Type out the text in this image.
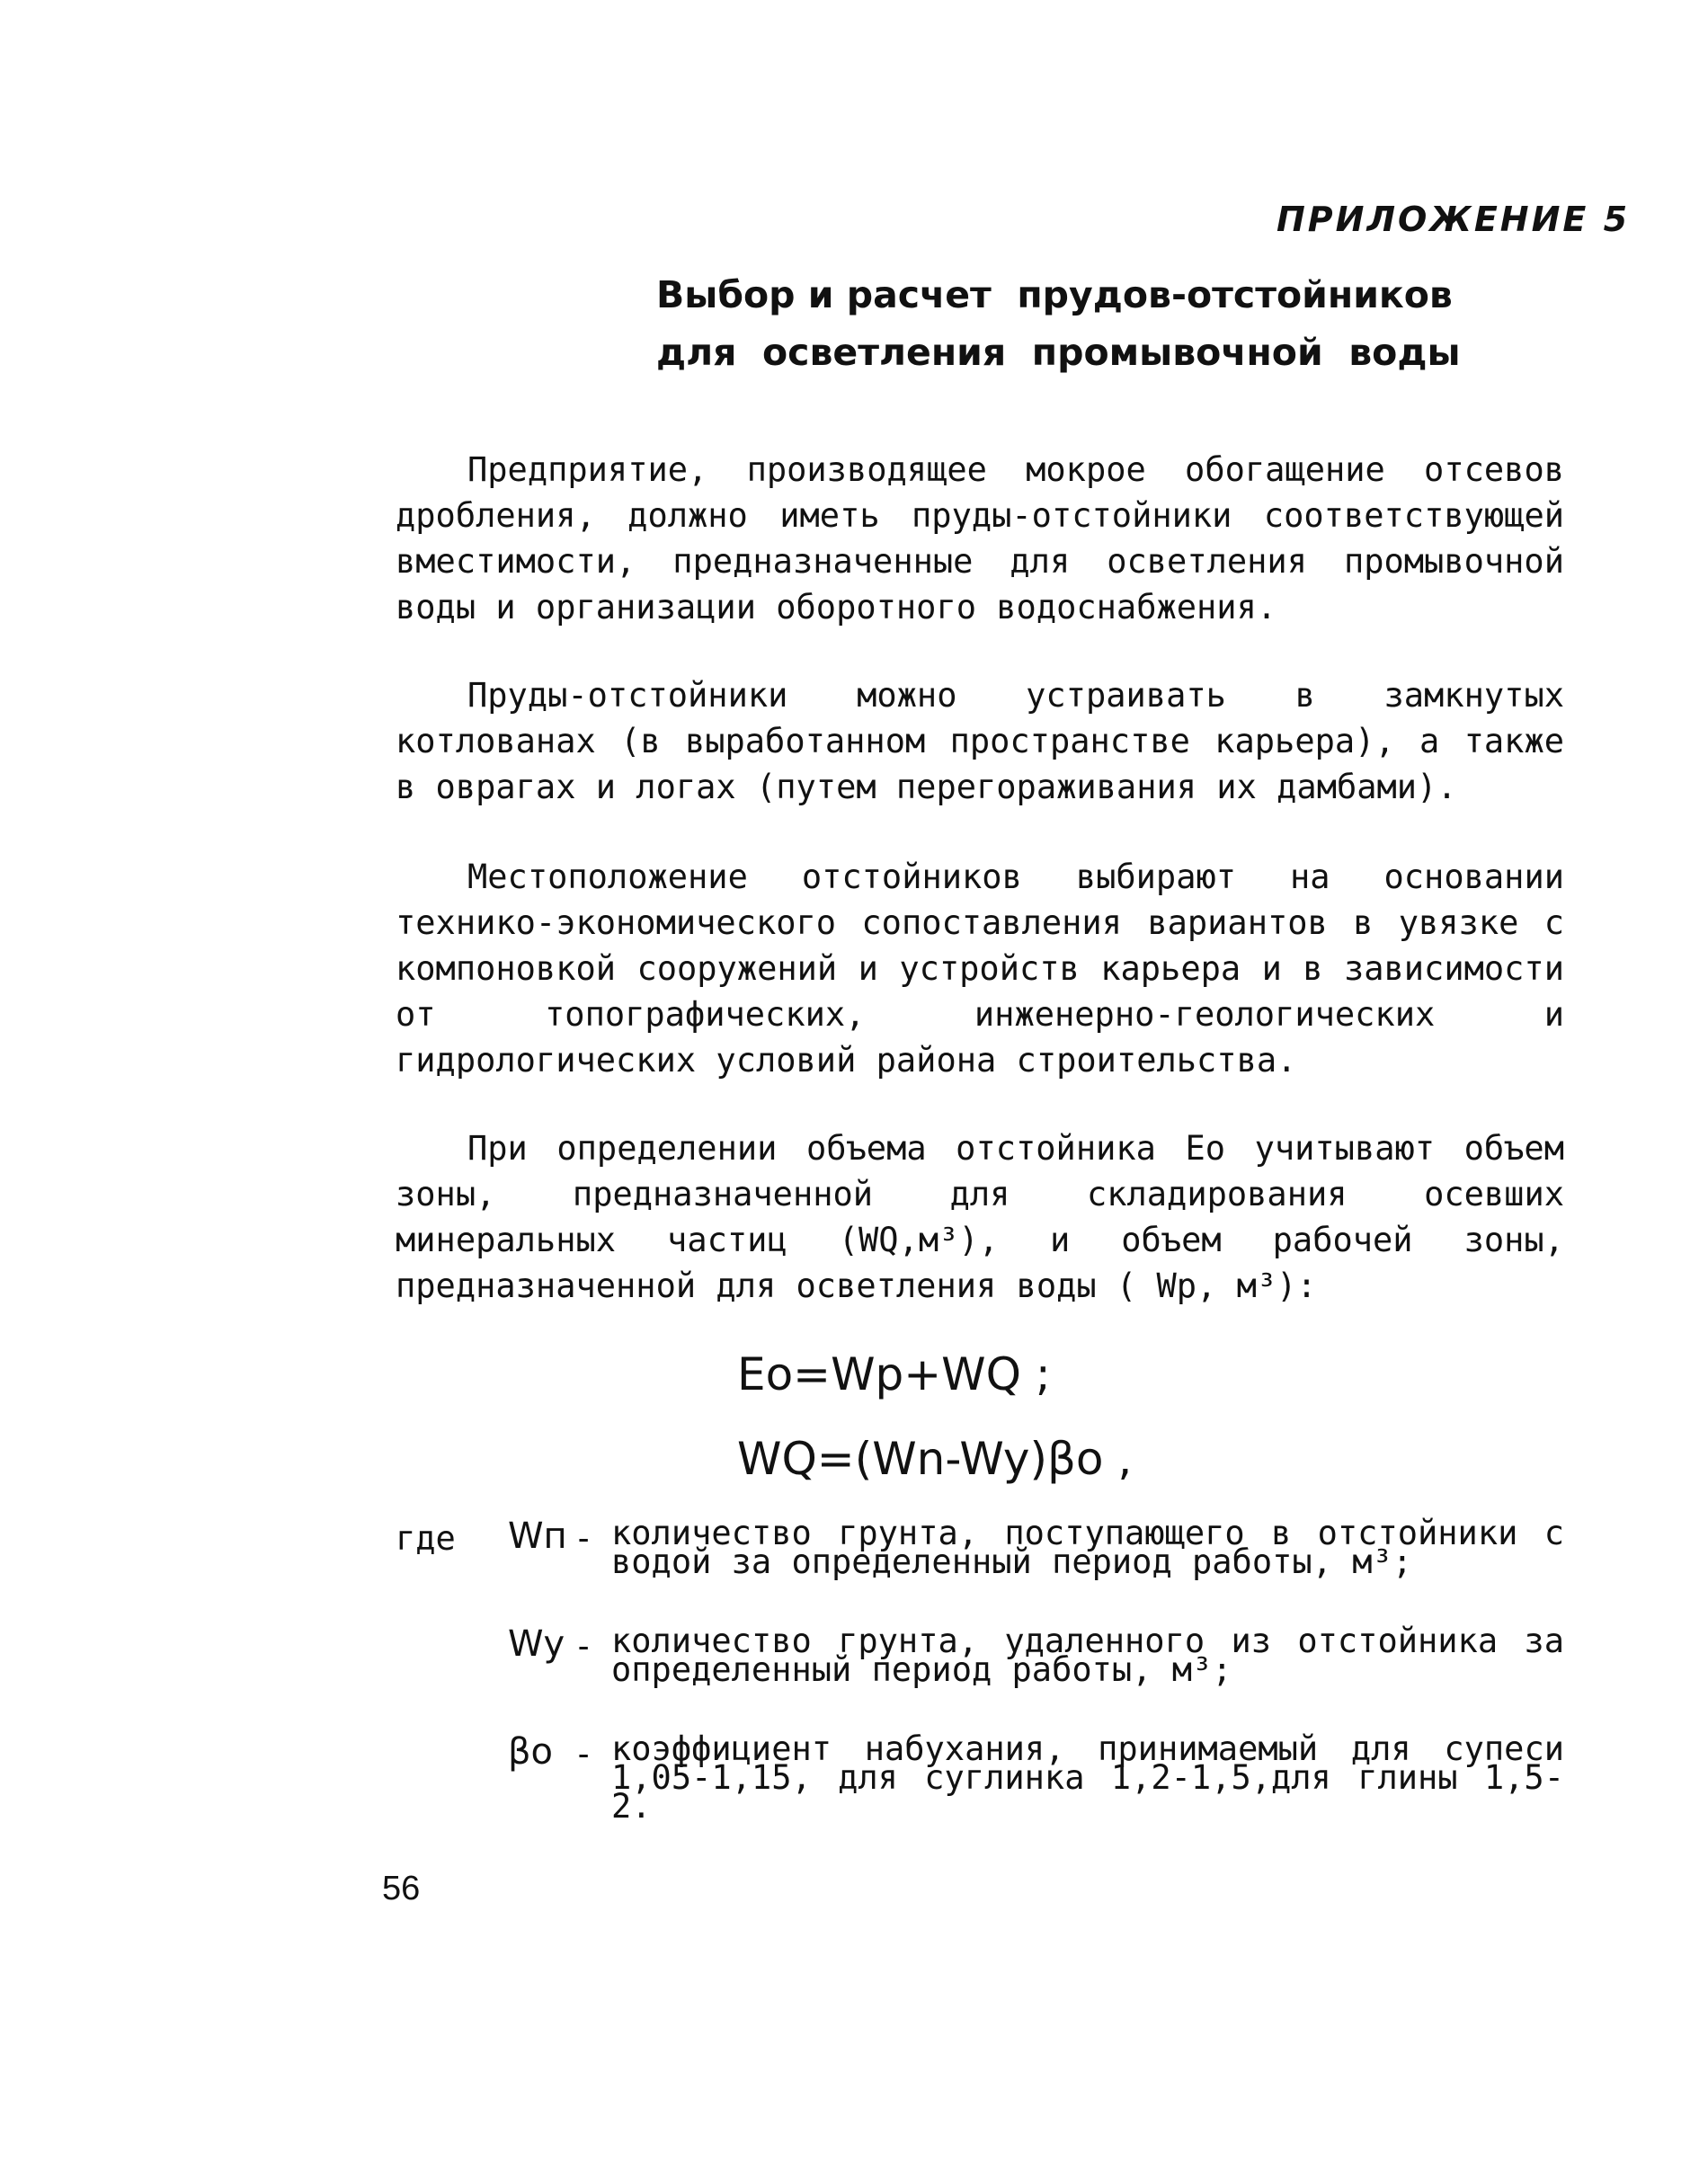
ПРИЛОЖЕНИЕ 5
Выбор и расчет  прудов-отстойников
для  осветления  промывочной  воды

Предприятие, производящее мокрое обогащение отсевов дробления, должно иметь пруды-отстойники соответствующей вместимости, предназначенные для осветления промывочной воды и организации оборотного водоснабжения.

Пруды-отстойники можно устраивать в замкнутых котлованах (в выработанном пространстве карьера), а также в оврагах и логах (путем перегораживания их дамбами).

Местоположение отстойников выбирают на основании технико-экономического сопоставления вариантов в увязке с компоновкой сооружений и устройств карьера и в зависимости от топографических, инженерно-геологических и гидрологических условий района строительства.

При определении объема отстойника Eo учитывают объем зоны, предназначенной для складирования осевших минеральных частиц (WQ,м³), и объем рабочей зоны, предназначенной для осветления воды ( Wp, м³):

Eo=Wp+WQ ;
WQ=(Wn-Wy)βo ,
где Wп - количество грунта, поступающего в отстойники с водой за определенный период работы, м³;
Wу - количество грунта, удаленного из отстойника за определенный период работы, м³;
βо - коэффициент набухания, принимаемый для супеси 1,05-1,15, для суглинка 1,2-1,5,для глины 1,5-2.
56
